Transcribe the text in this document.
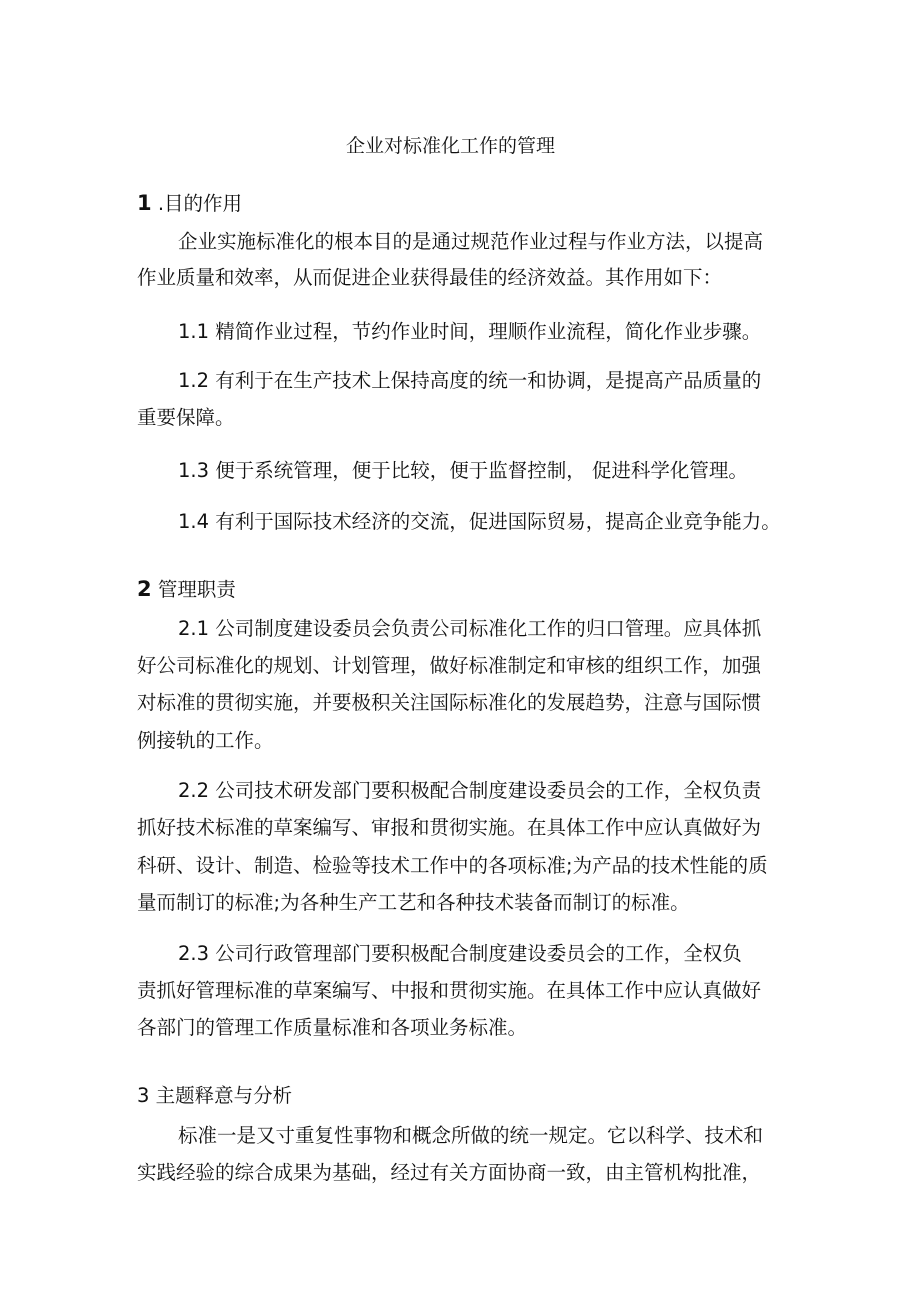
企业对标准化工作的管理

1 .目的作用

企业实施标准化的根本目的是通过规范作业过程与作业方法，以提高

作业质量和效率，从而促进企业获得最佳的经济效益。其作用如下：

1.1 精简作业过程，节约作业时间，理顺作业流程，简化作业步骤。

1.2 有利于在生产技术上保持高度的统一和协调，是提高产品质量的

重要保障。

1.3 便于系统管理，便于比较，便于监督控制， 促进科学化管理。

1.4 有利于国际技术经济的交流，促进国际贸易，提高企业竞争能力。

2 管理职责

2.1 公司制度建设委员会负责公司标准化工作的归口管理。应具体抓

好公司标准化的规划、计划管理，做好标准制定和审核的组织工作，加强

对标准的贯彻实施，并要极积关注国际标准化的发展趋势，注意与国际惯

例接轨的工作。

2.2 公司技术研发部门要积极配合制度建设委员会的工作，全权负责

抓好技术标准的草案编写、审报和贯彻实施。在具体工作中应认真做好为

科研、设计、制造、检验等技术工作中的各项标准;为产品的技术性能的质

量而制订的标准;为各种生产工艺和各种技术装备而制订的标准。

2.3 公司行政管理部门要积极配合制度建设委员会的工作，全权负

责抓好管理标准的草案编写、中报和贯彻实施。在具体工作中应认真做好

各部门的管理工作质量标准和各项业务标准。

3 主题释意与分析

标准一是又寸重复性事物和概念所做的统一规定。它以科学、技术和

实践经验的综合成果为基础，经过有关方面协商一致，由主管机构批准，
